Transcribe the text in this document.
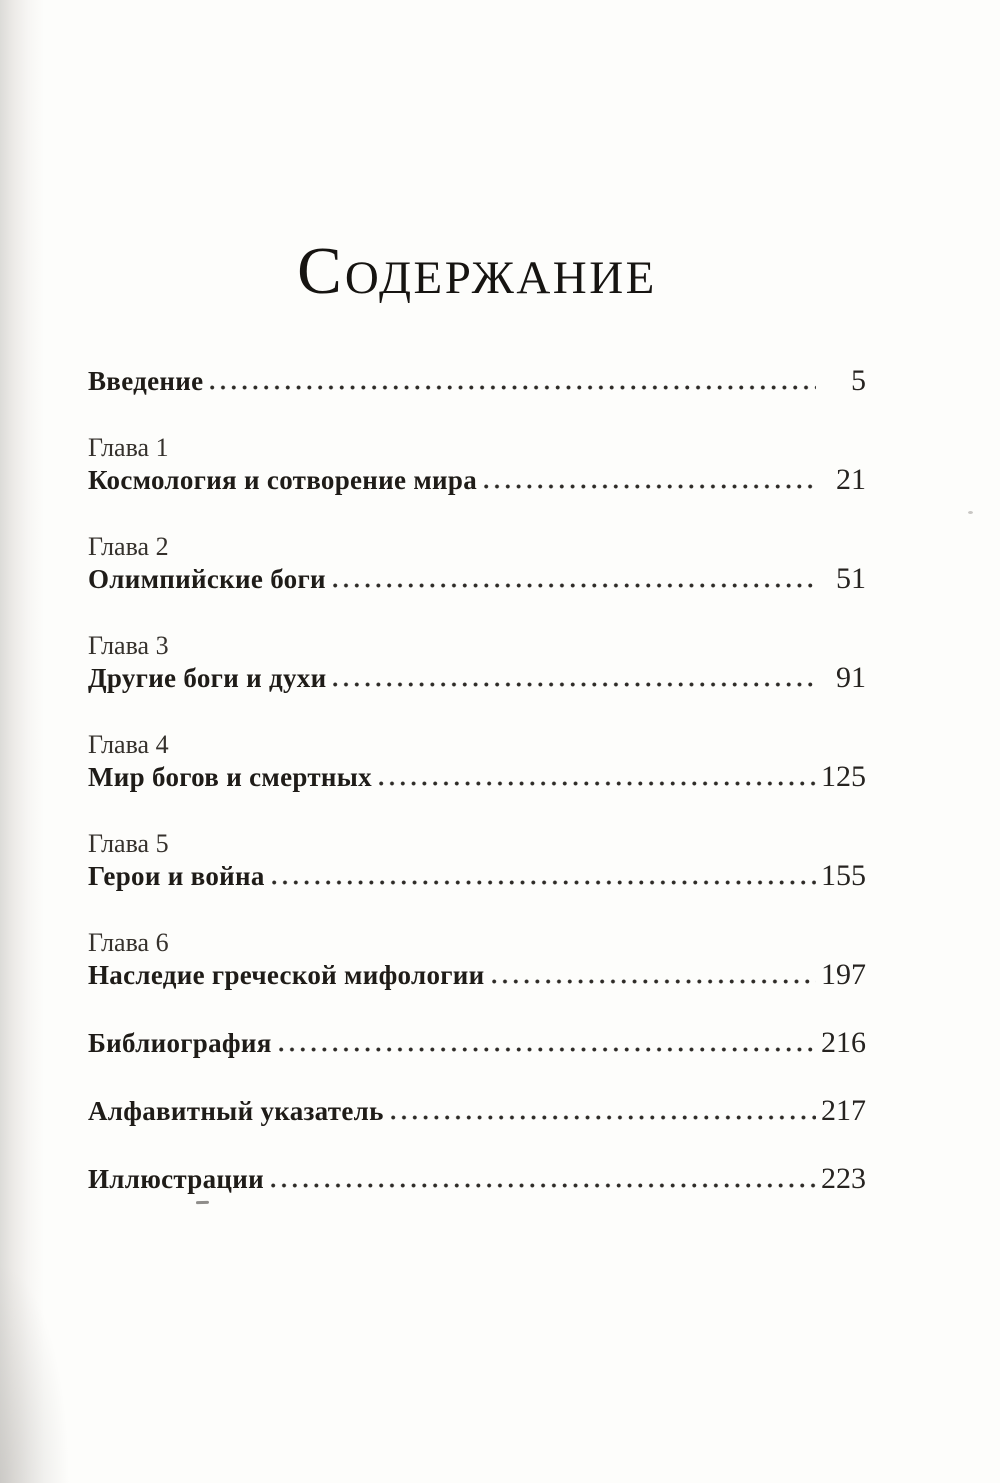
СОДЕРЖАНИЕ
Введение	5
Глава 1
Космология и сотворение мира	21
Глава 2
Олимпийские боги	51
Глава 3
Другие боги и духи	91
Глава 4
Мир богов и смертных	125
Глава 5
Герои и война	155
Глава 6
Наследие греческой мифологии	197
Библиография	216
Алфавитный указатель	217
Иллюстрации	223
